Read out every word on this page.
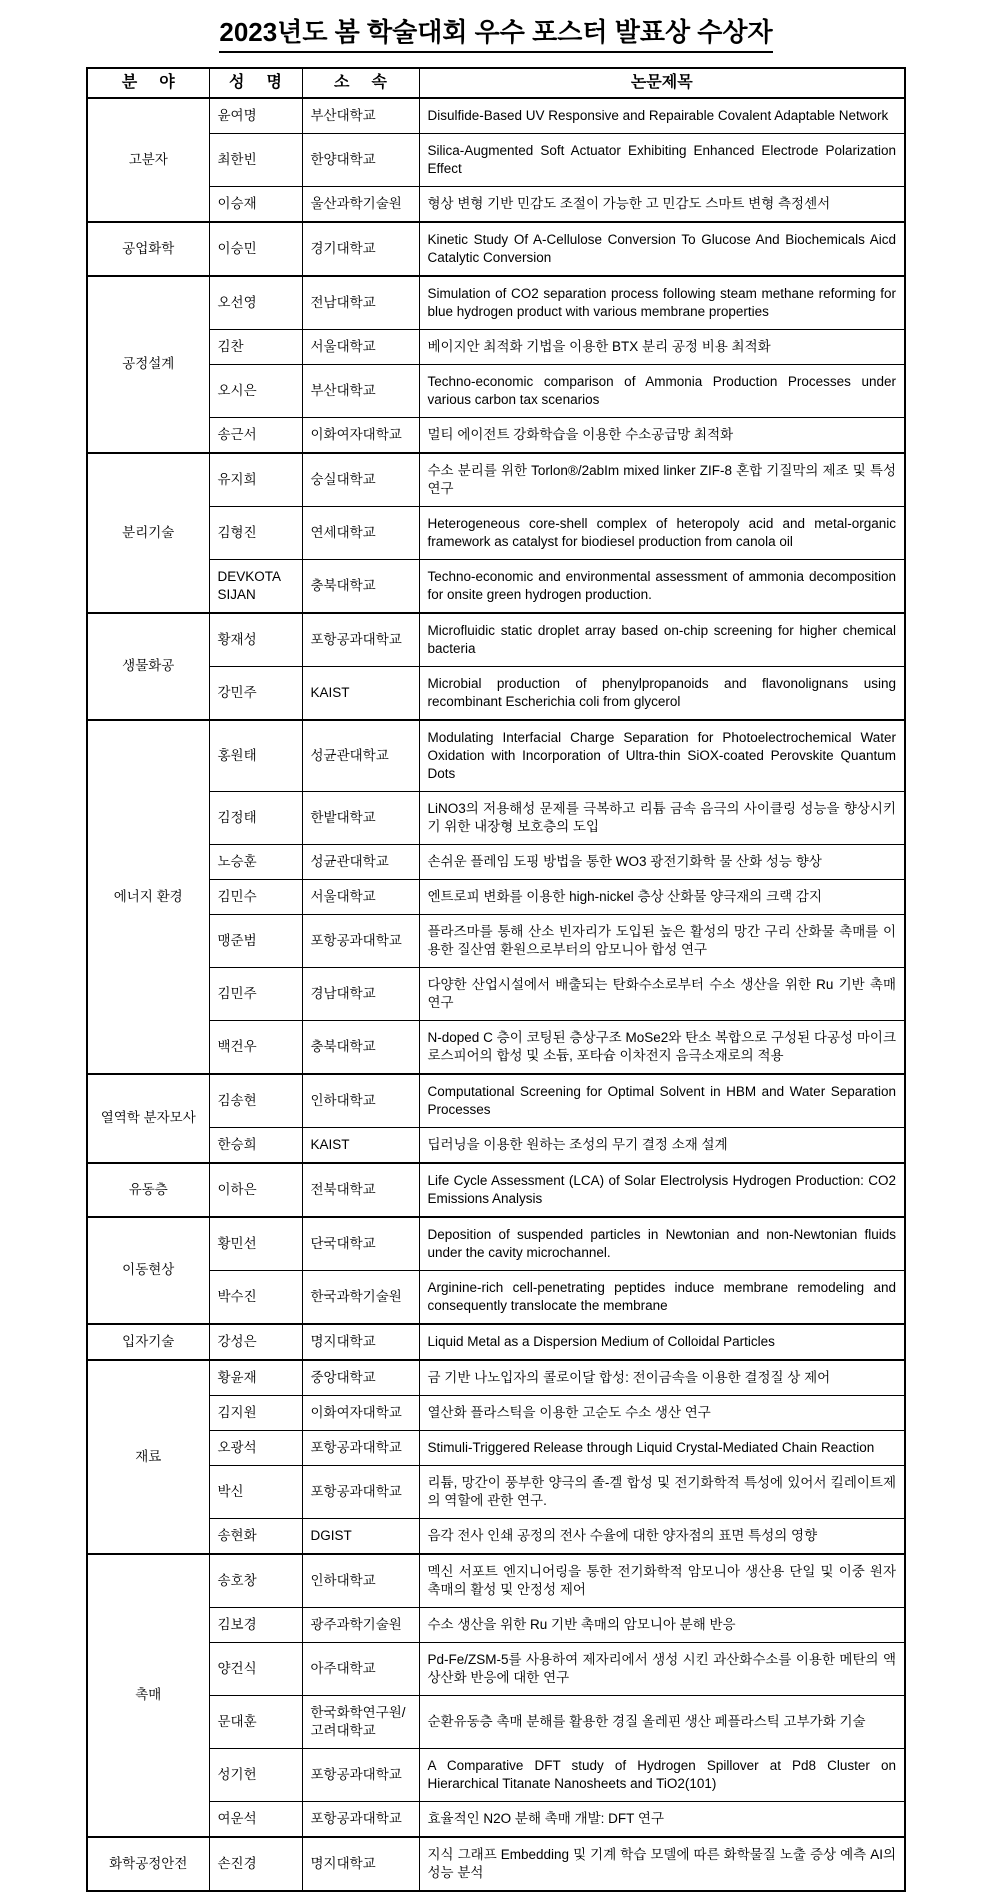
2023년도 봄 학술대회 우수 포스터 발표상 수상자
분 야	성 명	소 속	논문제목
고분자	윤여명	부산대학교	Disulfide-Based UV Responsive and Repairable Covalent Adaptable Network
	최한빈	한양대학교	Silica-Augmented Soft Actuator Exhibiting Enhanced Electrode Polarization Effect
	이승재	울산과학기술원	형상 변형 기반 민감도 조절이 가능한 고 민감도 스마트 변형 측정센서
공업화학	이승민	경기대학교	Kinetic Study Of A-Cellulose Conversion To Glucose And Biochemicals Aicd Catalytic Conversion
공정설계	오선영	전남대학교	Simulation of CO2 separation process following steam methane reforming for blue hydrogen product with various membrane properties
	김찬	서울대학교	베이지안 최적화 기법을 이용한 BTX 분리 공정 비용 최적화
	오시은	부산대학교	Techno-economic comparison of Ammonia Production Processes under various carbon tax scenarios
	송근서	이화여자대학교	멀티 에이전트 강화학습을 이용한 수소공급망 최적화
분리기술	유지희	숭실대학교	수소 분리를 위한 Torlon®/2abIm mixed linker ZIF-8 혼합 기질막의 제조 및 특성 연구
	김형진	연세대학교	Heterogeneous core-shell complex of heteropoly acid and metal-organic framework as catalyst for biodiesel production from canola oil
	DEVKOTA SIJAN	충북대학교	Techno-economic and environmental assessment of ammonia decomposition for onsite green hydrogen production.
생물화공	황재성	포항공과대학교	Microfluidic static droplet array based on-chip screening for higher chemical bacteria
	강민주	KAIST	Microbial production of phenylpropanoids and flavonolignans using recombinant Escherichia coli from glycerol
에너지 환경	홍원태	성균관대학교	Modulating Interfacial Charge Separation for Photoelectrochemical Water Oxidation with Incorporation of Ultra-thin SiOX-coated Perovskite Quantum Dots
	김정태	한밭대학교	LiNO3의 저용해성 문제를 극복하고 리튬 금속 음극의 사이클링 성능을 향상시키기 위한 내장형 보호층의 도입
	노승훈	성균관대학교	손쉬운 플레임 도핑 방법을 통한 WO3 광전기화학 물 산화 성능 향상
	김민수	서울대학교	엔트로피 변화를 이용한 high-nickel 층상 산화물 양극재의 크랙 감지
	맹준범	포항공과대학교	플라즈마를 통해 산소 빈자리가 도입된 높은 활성의 망간 구리 산화물 촉매를 이용한 질산염 환원으로부터의 암모니아 합성 연구
	김민주	경남대학교	다양한 산업시설에서 배출되는 탄화수소로부터 수소 생산을 위한 Ru 기반 촉매 연구
	백건우	충북대학교	N-doped C 층이 코팅된 층상구조 MoSe2와 탄소 복합으로 구성된 다공성 마이크로스피어의 합성 및 소듐, 포타슘 이차전지 음극소재로의 적용
열역학 분자모사	김송현	인하대학교	Computational Screening for Optimal Solvent in HBM and Water Separation Processes
	한승희	KAIST	딥러닝을 이용한 원하는 조성의 무기 결정 소재 설계
유동층	이하은	전북대학교	Life Cycle Assessment (LCA) of Solar Electrolysis Hydrogen Production: CO2 Emissions Analysis
이동현상	황민선	단국대학교	Deposition of suspended particles in Newtonian and non-Newtonian fluids under the cavity microchannel.
	박수진	한국과학기술원	Arginine-rich cell-penetrating peptides induce membrane remodeling and consequently translocate the membrane
입자기술	강성은	명지대학교	Liquid Metal as a Dispersion Medium of Colloidal Particles
재료	황윤재	중앙대학교	금 기반 나노입자의 콜로이달 합성: 전이금속을 이용한 결정질 상 제어
	김지원	이화여자대학교	열산화 플라스틱을 이용한 고순도 수소 생산 연구
	오광석	포항공과대학교	Stimuli-Triggered Release through Liquid Crystal-Mediated Chain Reaction
	박신	포항공과대학교	리튬, 망간이 풍부한 양극의 졸-겔 합성 및 전기화학적 특성에 있어서 킬레이트제의 역할에 관한 연구.
	송현화	DGIST	음각 전사 인쇄 공정의 전사 수율에 대한 양자점의 표면 특성의 영향
촉매	송호창	인하대학교	멕신 서포트 엔지니어링을 통한 전기화학적 암모니아 생산용 단일 및 이중 원자 촉매의 활성 및 안정성 제어
	김보경	광주과학기술원	수소 생산을 위한 Ru 기반 촉매의 암모니아 분해 반응
	양건식	아주대학교	Pd-Fe/ZSM-5를 사용하여 제자리에서 생성 시킨 과산화수소를 이용한 메탄의 액상산화 반응에 대한 연구
	문대훈	한국화학연구원/고려대학교	순환유동층 촉매 분해를 활용한 경질 올레핀 생산 페플라스틱 고부가화 기술
	성기헌	포항공과대학교	A Comparative DFT study of Hydrogen Spillover at Pd8 Cluster on Hierarchical Titanate Nanosheets and TiO2(101)
	여운석	포항공과대학교	효율적인 N2O 분해 촉매 개발: DFT 연구
화학공정안전	손진경	명지대학교	지식 그래프 Embedding 및 기계 학습 모델에 따른 화학물질 노출 증상 예측 AI의 성능 분석
